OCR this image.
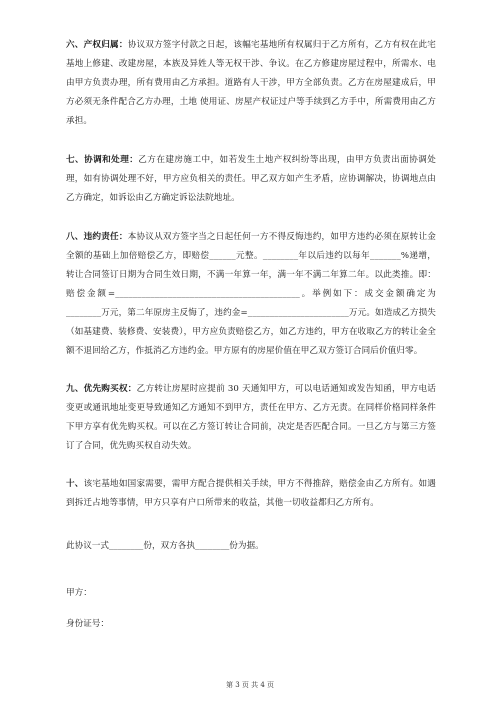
六、产权归属：协议双方签字付款之日起，该幅宅基地所有权属归于乙方所有，乙方有权在此宅基地上修建、改建房屋，本族及异姓人等无权干涉、争议。在乙方修建房屋过程中，所需水、电由甲方负责办理，所有费用由乙方承担。道路有人干涉，甲方全部负责。乙方在房屋建成后，甲方必须无条件配合乙方办理，土地 使用证、房屋产权证过户等手续到乙方手中，所需费用由乙方承担。

七、协调和处理：乙方在建房施工中，如若发生土地产权纠纷等出现，由甲方负责出面协调处理，如有协调处理不好，甲方应负相关的责任。甲乙双方如产生矛盾，应协调解决，协调地点由乙方确定，如诉讼由乙方确定诉讼法院地址。

八、违约责任：本协议从双方签字当之日起任何一方不得反悔违约，如甲方违约必须在原转让金全额的基础上加倍赔偿乙方，即赔偿______元整。________年以后违约以每年_______%递增，转让合同签订日期为合同生效日期，不满一年算一年，满一年不满二年算二年。以此类推。即：赔偿金额=__________________________________________。举例如下：成交金额确定为________万元，第二年原房主反悔了，违约金=_______________________万元。如造成乙方损失（如基建费、装修费、安装费），甲方应负责赔偿乙方，如乙方违约，甲方在收取乙方的转让金全额不退回给乙方，作抵消乙方违约金。甲方原有的房屋价值在甲乙双方签订合同后价值归零。

九、优先购买权：乙方转让房屋时应提前 30 天通知甲方，可以电话通知或发告知函，甲方电话变更或通讯地址变更导致通知乙方通知不到甲方，责任在甲方、乙方无责。在同样价格同样条件下甲方享有优先购买权。可以在乙方签订转让合同前，决定是否匹配合同。一旦乙方与第三方签订了合同，优先购买权自动失效。

十、该宅基地如国家需要，需甲方配合提供相关手续，甲方不得推辞，赔偿金由乙方所有。如遇到拆迁占地等事情，甲方只享有户口所带来的收益，其他一切收益都归乙方所有。

此协议一式________份，双方各执________份为据。

甲方：

身份证号：

第 3 页 共 4 页
